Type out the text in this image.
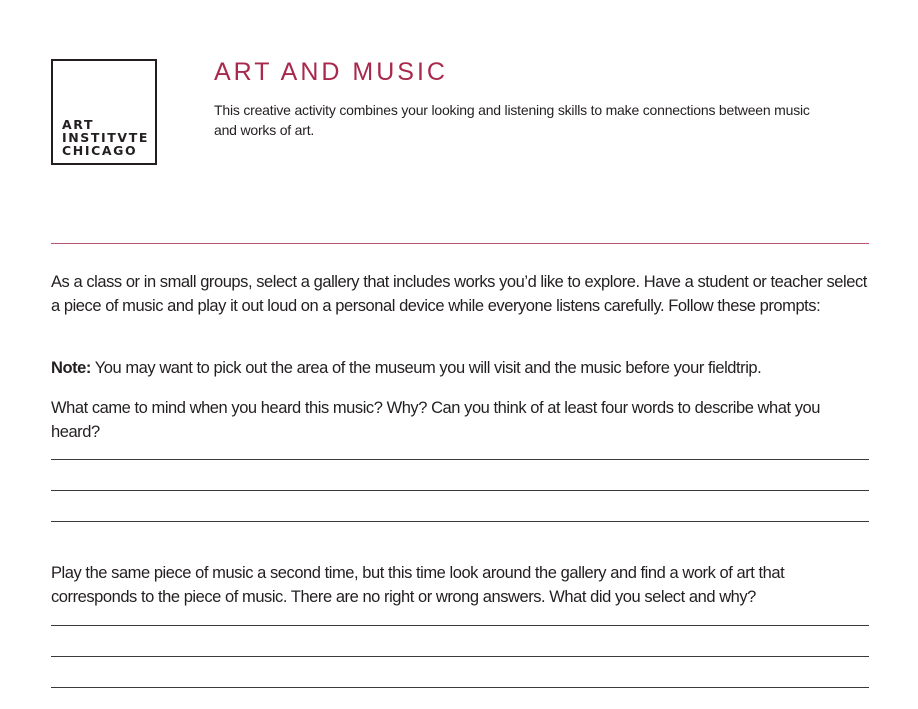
ART
INSTITVTE
CHICAGO
ART AND MUSIC

This creative activity combines your looking and listening skills to make connections between music and works of art.

As a class or in small groups, select a gallery that includes works you’d like to explore. Have a student or teacher select a piece of music and play it out loud on a personal device while everyone listens carefully. Follow these prompts:

Note: You may want to pick out the area of the museum you will visit and the music before your fieldtrip.

What came to mind when you heard this music? Why? Can you think of at least four words to describe what you heard?

Play the same piece of music a second time, but this time look around the gallery and find a work of art that corresponds to the piece of music. There are no right or wrong answers. What did you select and why?
